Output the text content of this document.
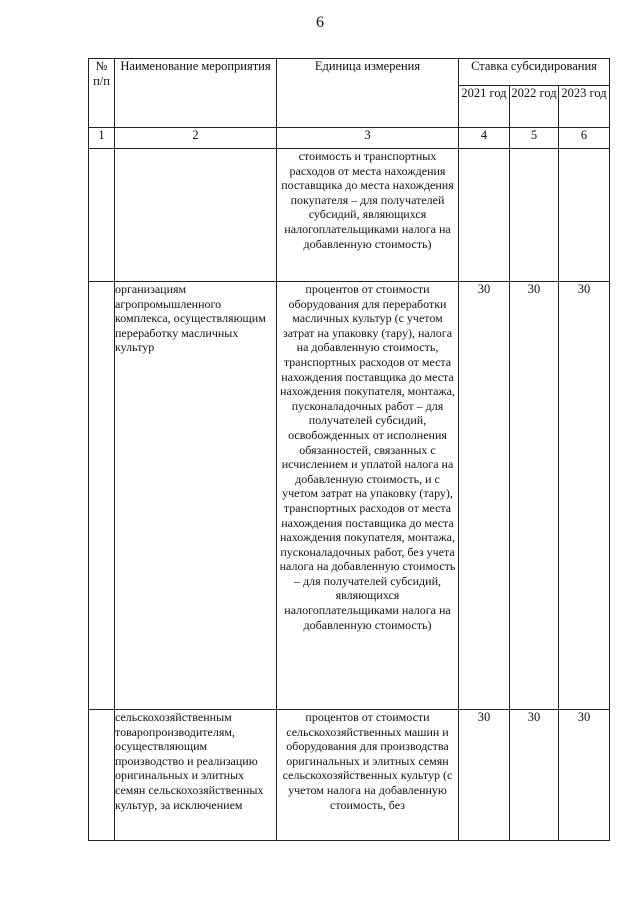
6
№ п/п	Наименование мероприятия	Единица измерения	Ставка субсидирования		
			2021 год	2022 год	2023 год
1	2	3	4	5	6
		стоимость и транспортных расходов от места нахождения поставщика до места нахождения покупателя – для получателей субсидий, являющихся налогоплательщиками налога на добавленную стоимость)			
	организациям агропромышленного комплекса, осуществляющим переработку масличных культур	процентов от стоимости оборудования для переработки масличных культур (с учетом затрат на упаковку (тару), налога на добавленную стоимость, транспортных расходов от места нахождения поставщика до места нахождения покупателя, монтажа, пусконаладочных работ – для получателей субсидий, освобожденных от исполнения обязанностей, связанных с исчислением и уплатой налога на добавленную стоимость, и с учетом затрат на упаковку (тару), транспортных расходов от места нахождения поставщика до места нахождения покупателя, монтажа, пусконаладочных работ, без учета налога на добавленную стоимость – для получателей субсидий, являющихся налогоплательщиками налога на добавленную стоимость)	30	30	30
	сельскохозяйственным товаропроизводителям, осуществляющим производство и реализацию оригинальных и элитных семян сельскохозяйственных культур, за исключением	процентов от стоимости сельскохозяйственных машин и оборудования для производства оригинальных и элитных семян сельскохозяйственных культур (с учетом налога на добавленную стоимость, без	30	30	30
